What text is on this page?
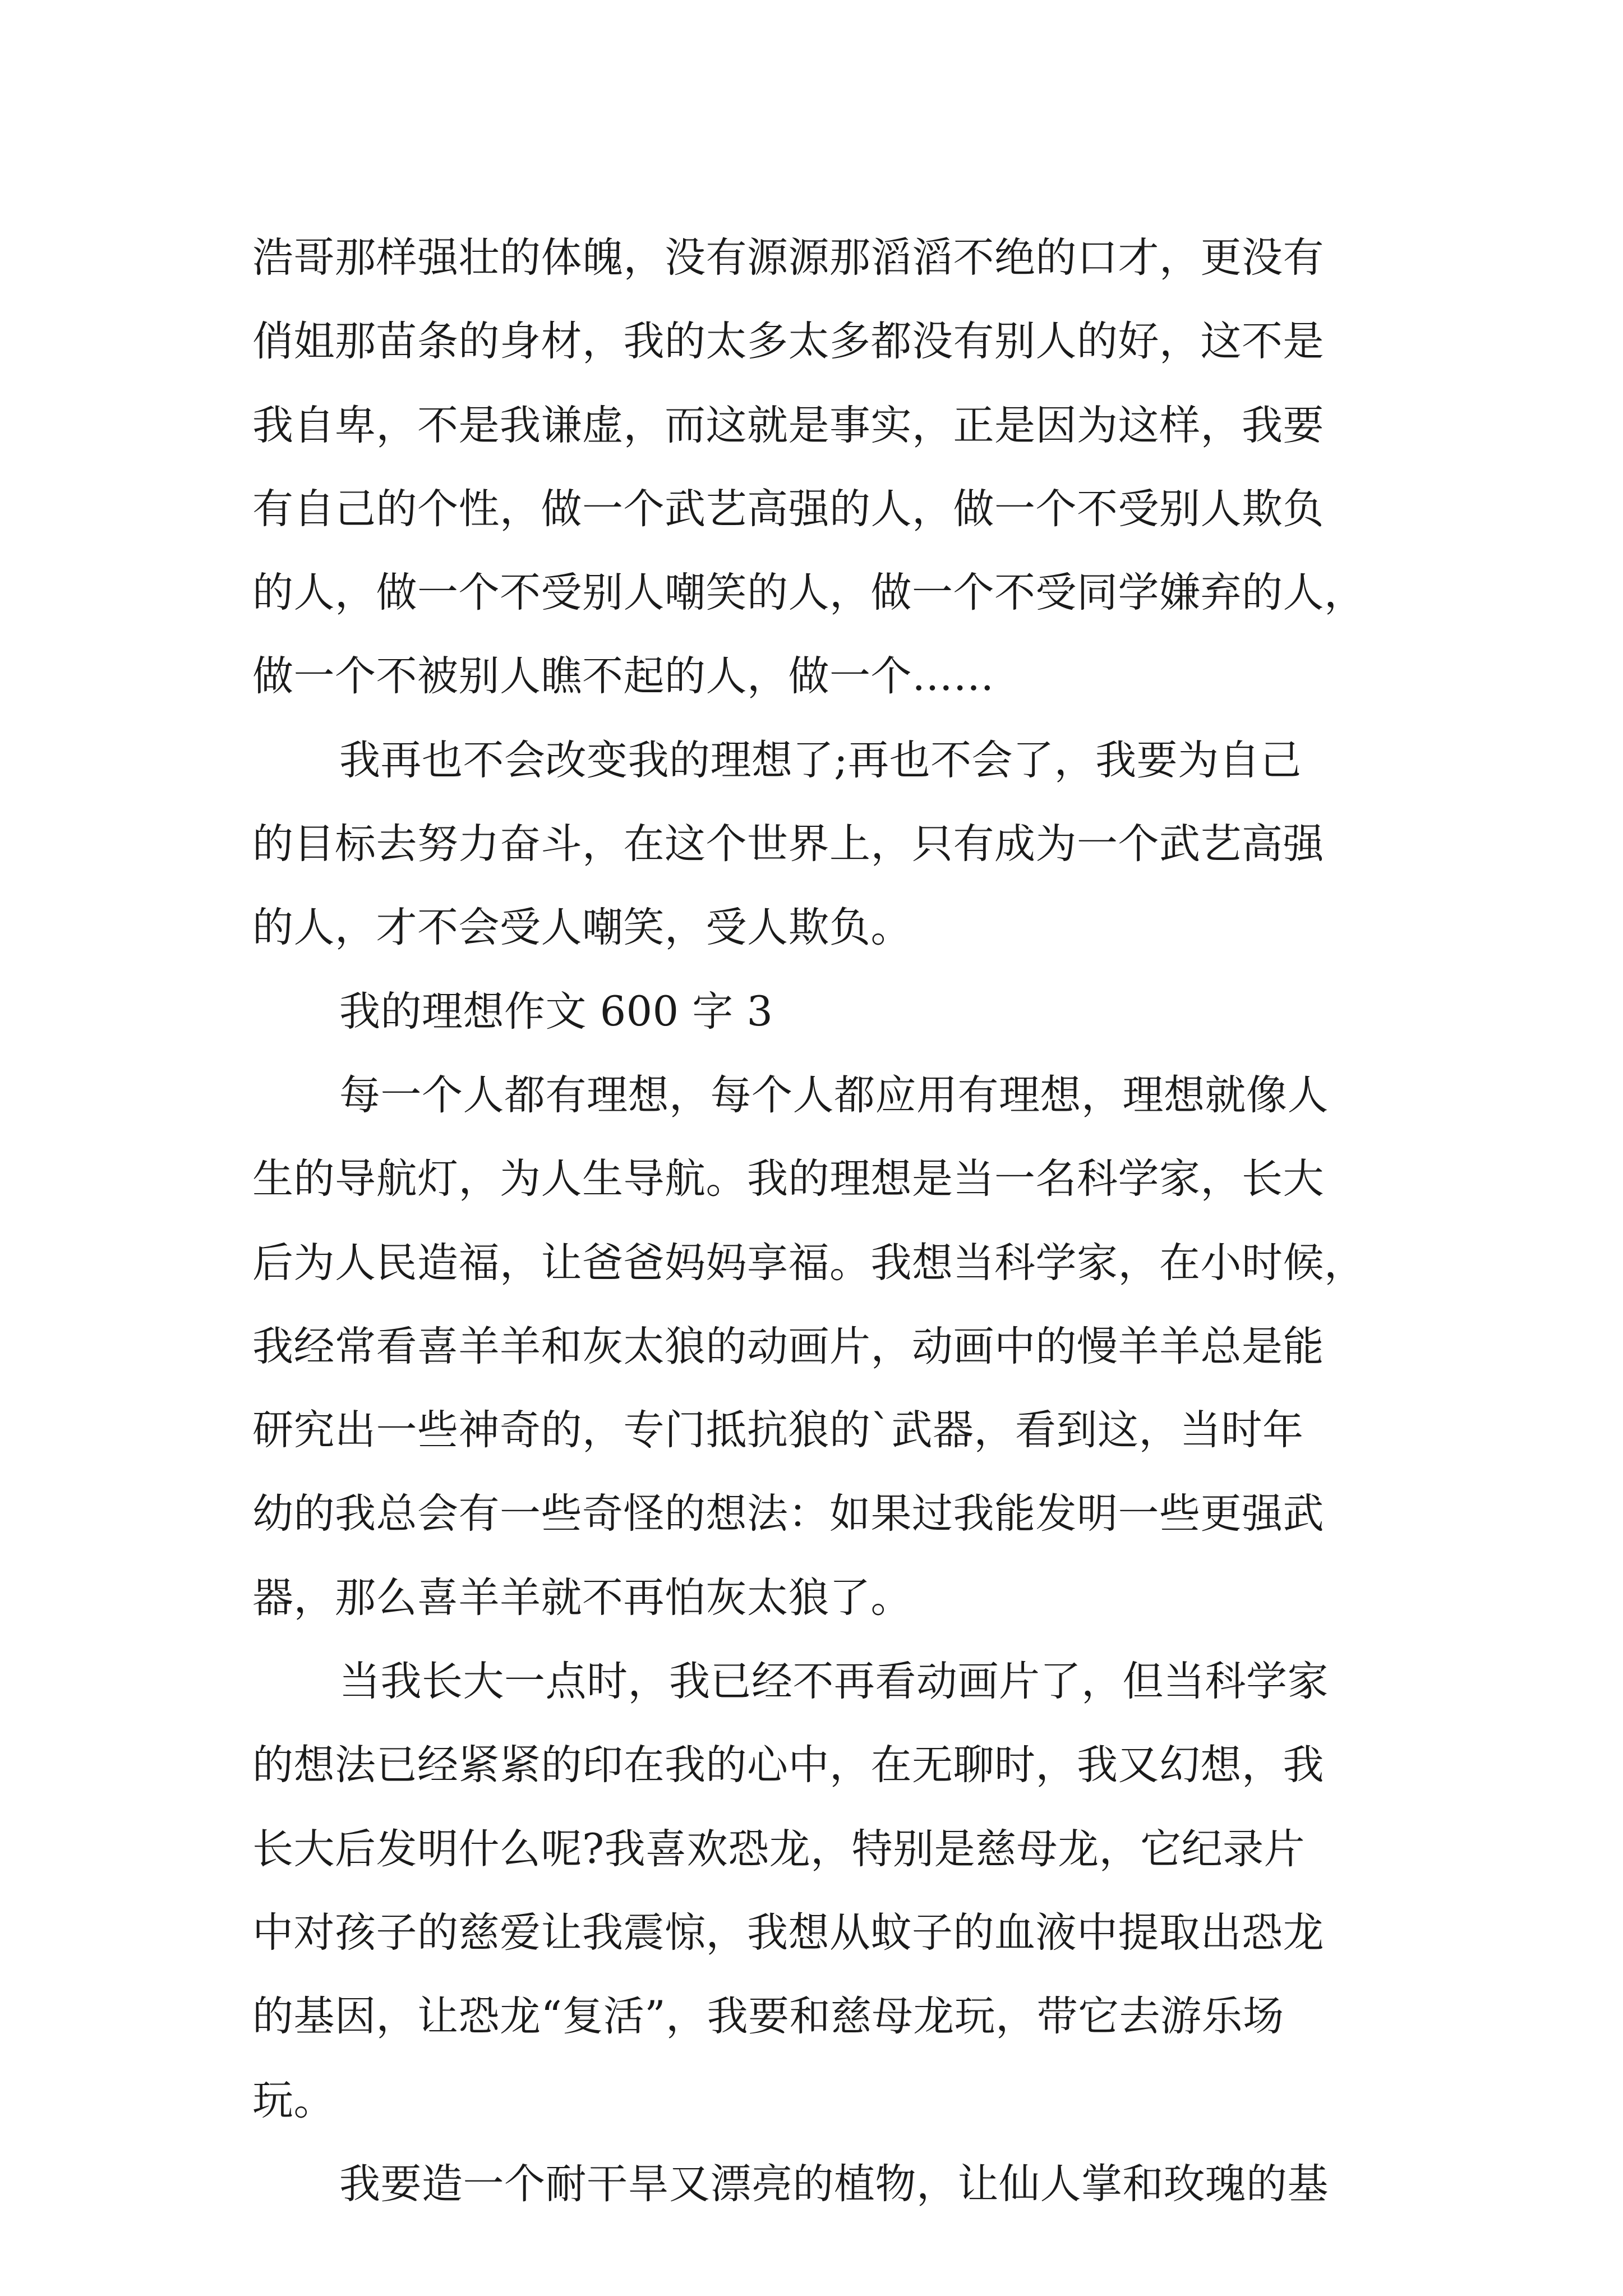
浩哥那样强壮的体魄，没有源源那滔滔不绝的口才，更没有
俏姐那苗条的身材，我的太多太多都没有别人的好，这不是
我自卑，不是我谦虚，而这就是事实，正是因为这样，我要
有自己的个性，做一个武艺高强的人，做一个不受别人欺负
的人，做一个不受别人嘲笑的人，做一个不受同学嫌弃的人，
做一个不被别人瞧不起的人，做一个……
我再也不会改变我的理想了;再也不会了，我要为自己
的目标去努力奋斗，在这个世界上，只有成为一个武艺高强
的人，才不会受人嘲笑，受人欺负。
我的理想作文 600 字 3
每一个人都有理想，每个人都应用有理想，理想就像人
生的导航灯，为人生导航。我的理想是当一名科学家，长大
后为人民造福，让爸爸妈妈享福。我想当科学家，在小时候，
我经常看喜羊羊和灰太狼的动画片，动画中的慢羊羊总是能
研究出一些神奇的，专门抵抗狼的`武器，看到这，当时年
幼的我总会有一些奇怪的想法：如果过我能发明一些更强武
器，那么喜羊羊就不再怕灰太狼了。
当我长大一点时，我已经不再看动画片了，但当科学家
的想法已经紧紧的印在我的心中，在无聊时，我又幻想，我
长大后发明什么呢?我喜欢恐龙，特别是慈母龙，它纪录片
中对孩子的慈爱让我震惊，我想从蚊子的血液中提取出恐龙
的基因，让恐龙“复活”，我要和慈母龙玩，带它去游乐场
玩。
我要造一个耐干旱又漂亮的植物，让仙人掌和玫瑰的基
